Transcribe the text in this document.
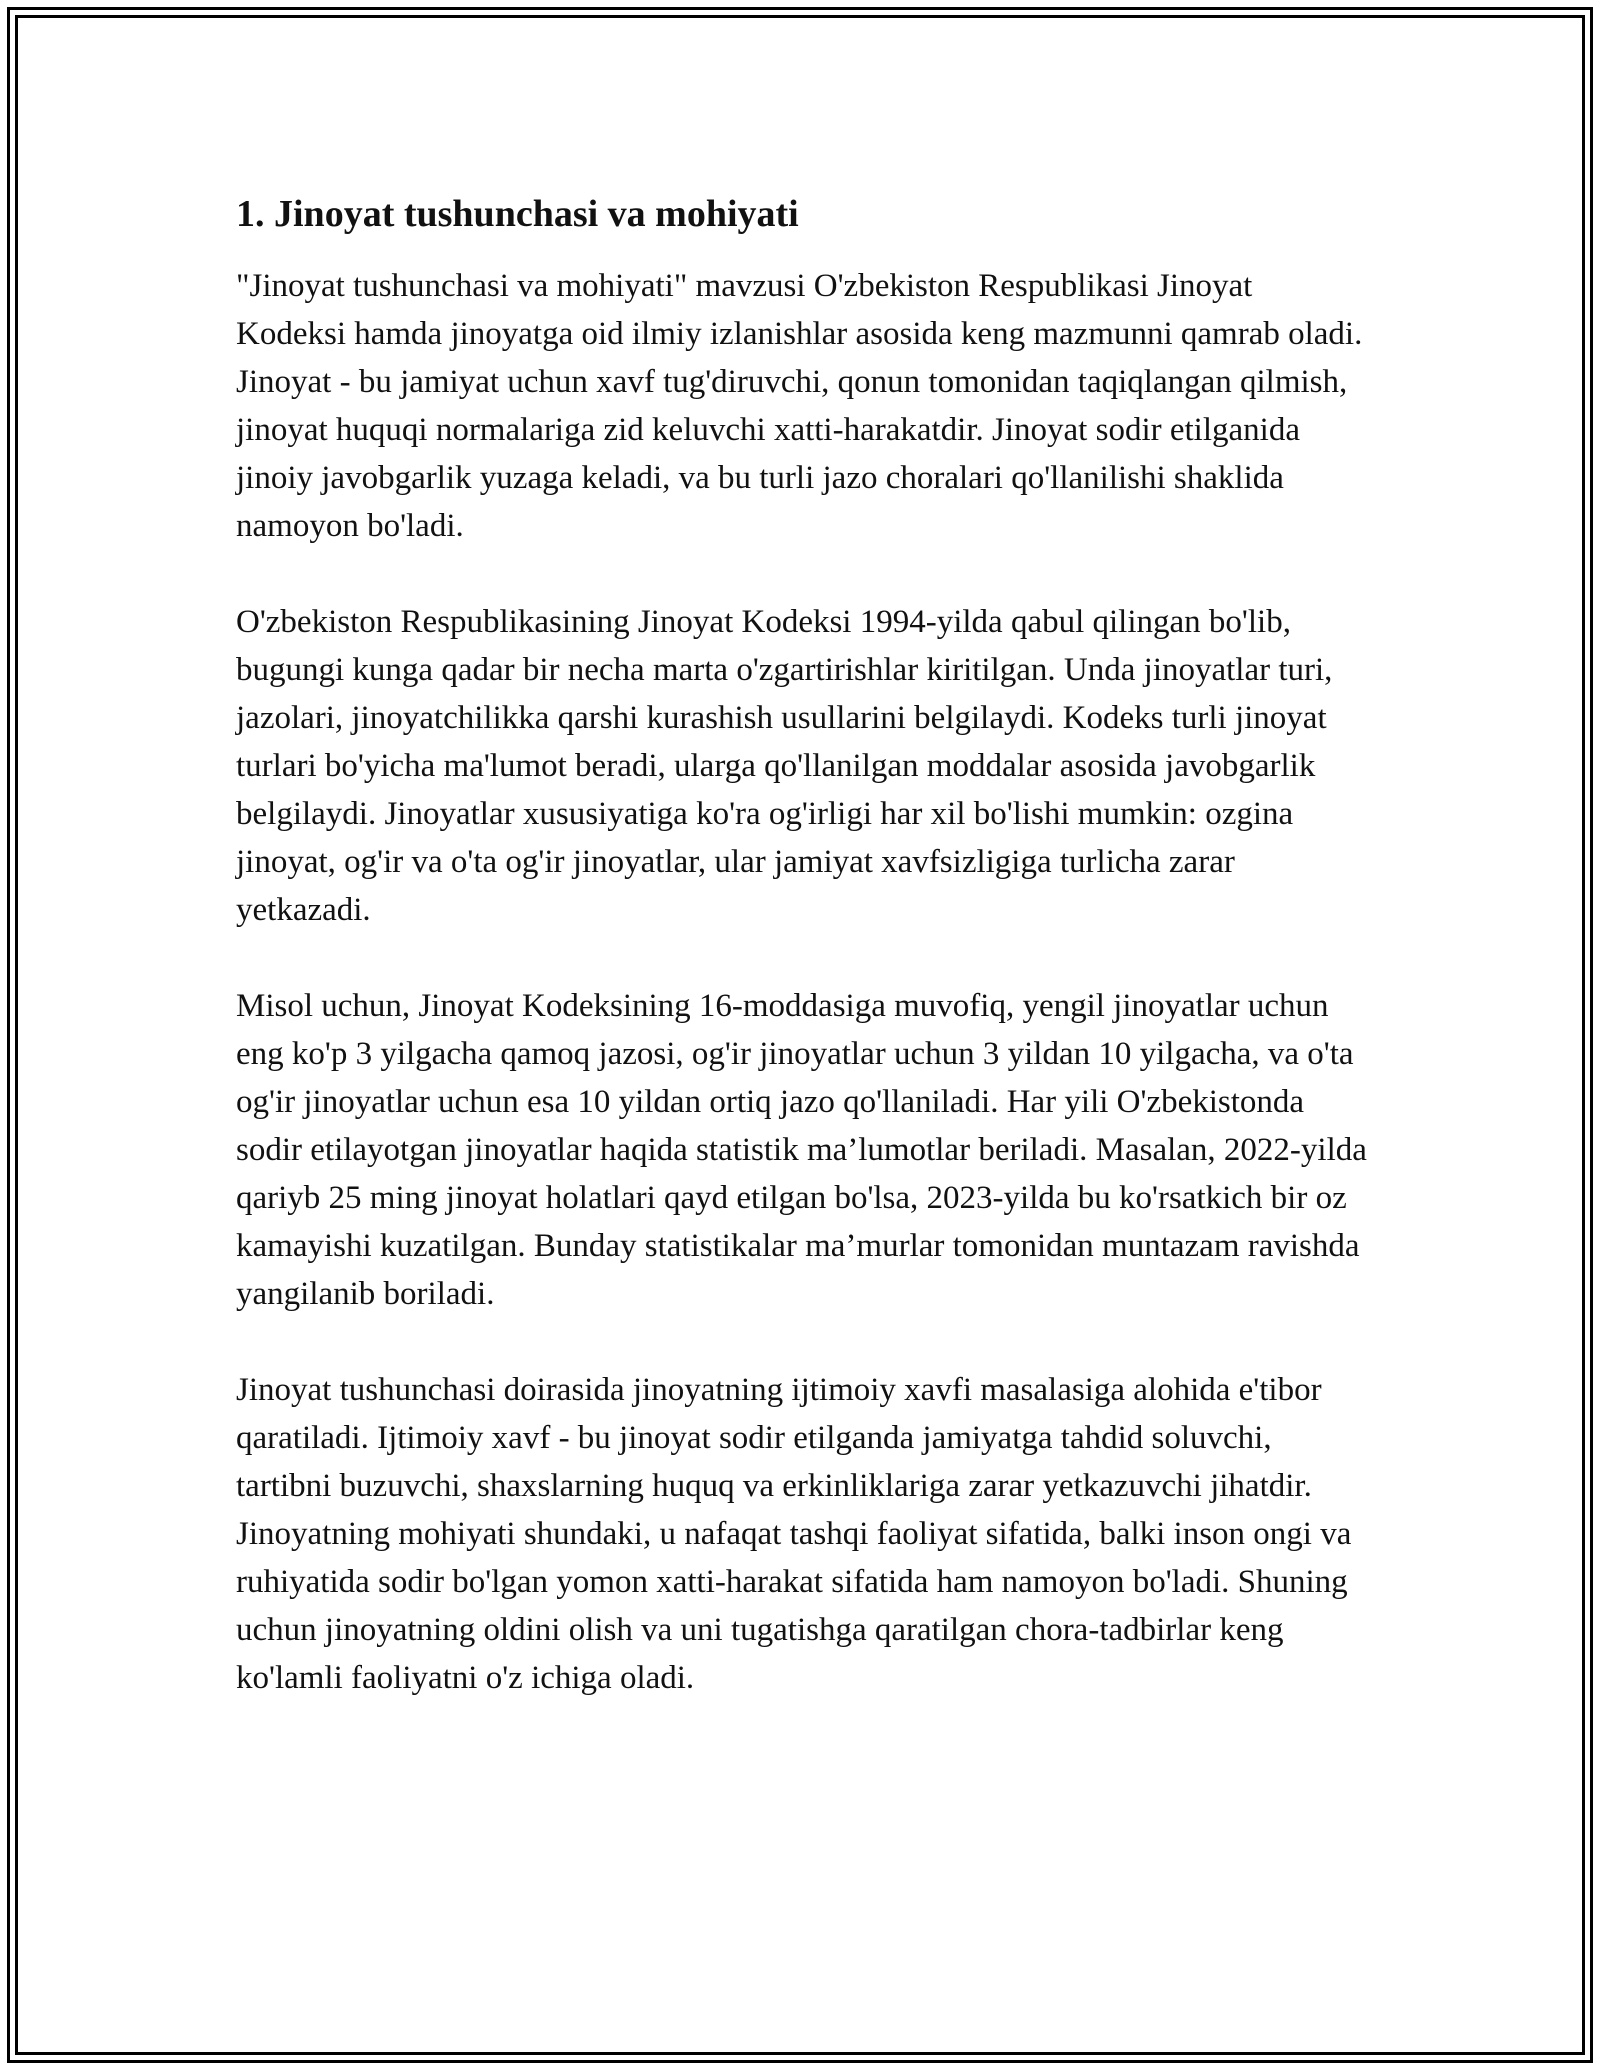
1. Jinoyat tushunchasi va mohiyati

"Jinoyat tushunchasi va mohiyati" mavzusi O'zbekiston Respublikasi Jinoyat Kodeksi hamda jinoyatga oid ilmiy izlanishlar asosida keng mazmunni qamrab oladi. Jinoyat - bu jamiyat uchun xavf tug'diruvchi, qonun tomonidan taqiqlangan qilmish, jinoyat huquqi normalariga zid keluvchi xatti-harakatdir. Jinoyat sodir etilganida jinoiy javobgarlik yuzaga keladi, va bu turli jazo choralari qo'llanilishi shaklida namoyon bo'ladi.

O'zbekiston Respublikasining Jinoyat Kodeksi 1994-yilda qabul qilingan bo'lib, bugungi kunga qadar bir necha marta o'zgartirishlar kiritilgan. Unda jinoyatlar turi, jazolari, jinoyatchilikka qarshi kurashish usullarini belgilaydi. Kodeks turli jinoyat turlari bo'yicha ma'lumot beradi, ularga qo'llanilgan moddalar asosida javobgarlik belgilaydi. Jinoyatlar xususiyatiga ko'ra og'irligi har xil bo'lishi mumkin: ozgina jinoyat, og'ir va o'ta og'ir jinoyatlar, ular jamiyat xavfsizligiga turlicha zarar yetkazadi.

Misol uchun, Jinoyat Kodeksining 16-moddasiga muvofiq, yengil jinoyatlar uchun eng ko'p 3 yilgacha qamoq jazosi, og'ir jinoyatlar uchun 3 yildan 10 yilgacha, va o'ta og'ir jinoyatlar uchun esa 10 yildan ortiq jazo qo'llaniladi. Har yili O'zbekistonda sodir etilayotgan jinoyatlar haqida statistik ma’lumotlar beriladi. Masalan, 2022-yilda qariyb 25 ming jinoyat holatlari qayd etilgan bo'lsa, 2023-yilda bu ko'rsatkich bir oz kamayishi kuzatilgan. Bunday statistikalar ma’murlar tomonidan muntazam ravishda yangilanib boriladi.

Jinoyat tushunchasi doirasida jinoyatning ijtimoiy xavfi masalasiga alohida e'tibor qaratiladi. Ijtimoiy xavf - bu jinoyat sodir etilganda jamiyatga tahdid soluvchi, tartibni buzuvchi, shaxslarning huquq va erkinliklariga zarar yetkazuvchi jihatdir. Jinoyatning mohiyati shundaki, u nafaqat tashqi faoliyat sifatida, balki inson ongi va ruhiyatida sodir bo'lgan yomon xatti-harakat sifatida ham namoyon bo'ladi. Shuning uchun jinoyatning oldini olish va uni tugatishga qaratilgan chora-tadbirlar keng ko'lamli faoliyatni o'z ichiga oladi.
